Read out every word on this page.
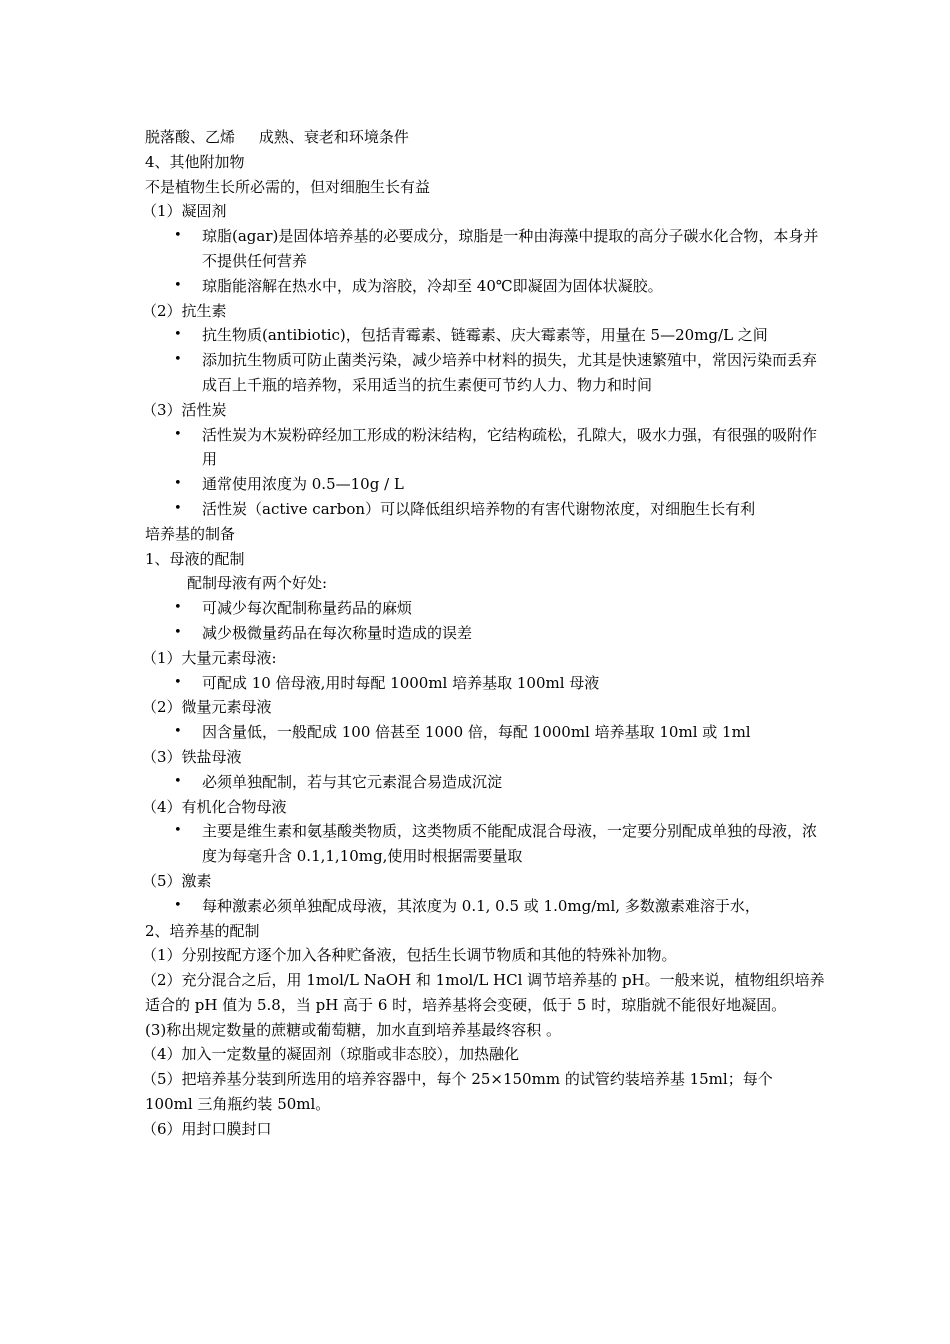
脱落酸、乙烯     成熟、衰老和环境条件

4、其他附加物

不是植物生长所必需的，但对细胞生长有益

（1）凝固剂

• 琼脂(agar)是固体培养基的必要成分，琼脂是一种由海藻中提取的高分子碳水化合物，本身并不提供任何营养
• 琼脂能溶解在热水中，成为溶胶，冷却至 40℃即凝固为固体状凝胶。

（2）抗生素

• 抗生物质(antibiotic)，包括青霉素、链霉素、庆大霉素等，用量在 5—20mg/L 之间
• 添加抗生物质可防止菌类污染，减少培养中材料的损失，尤其是快速繁殖中，常因污染而丢弃成百上千瓶的培养物，采用适当的抗生素便可节约人力、物力和时间

（3）活性炭

• 活性炭为木炭粉碎经加工形成的粉沫结构，它结构疏松，孔隙大，吸水力强，有很强的吸附作用
• 通常使用浓度为 0.5—10g / L
• 活性炭（active carbon）可以降低组织培养物的有害代谢物浓度，对细胞生长有利

培养基的制备

1、母液的配制

配制母液有两个好处:

• 可减少每次配制称量药品的麻烦
• 减少极微量药品在每次称量时造成的误差

（1）大量元素母液:

• 可配成 10 倍母液,用时每配 1000ml 培养基取 100ml 母液

（2）微量元素母液

• 因含量低，一般配成 100 倍甚至 1000 倍，每配 1000ml 培养基取 10ml 或 1ml

（3）铁盐母液

• 必须单独配制，若与其它元素混合易造成沉淀

（4）有机化合物母液

• 主要是维生素和氨基酸类物质，这类物质不能配成混合母液，一定要分别配成单独的母液，浓度为每毫升含 0.1,1,10mg,使用时根据需要量取

（5）激素

• 每种激素必须单独配成母液，其浓度为 0.1, 0.5 或 1.0mg/ml, 多数激素难溶于水，

2、培养基的配制

（1）分别按配方逐个加入各种贮备液，包括生长调节物质和其他的特殊补加物。

（2）充分混合之后，用 1mol/L NaOH 和 1mol/L HCl 调节培养基的 pH。一般来说，植物组织培养适合的 pH 值为 5.8，当 pH 高于 6 时，培养基将会变硬，低于 5 时，琼脂就不能很好地凝固。

(3)称出规定数量的蔗糖或葡萄糖，加水直到培养基最终容积 。

（4）加入一定数量的凝固剂（琼脂或非态胶），加热融化

（5）把培养基分装到所选用的培养容器中，每个 25×150mm 的试管约装培养基 15ml；每个 100ml 三角瓶约装 50ml。

（6）用封口膜封口
